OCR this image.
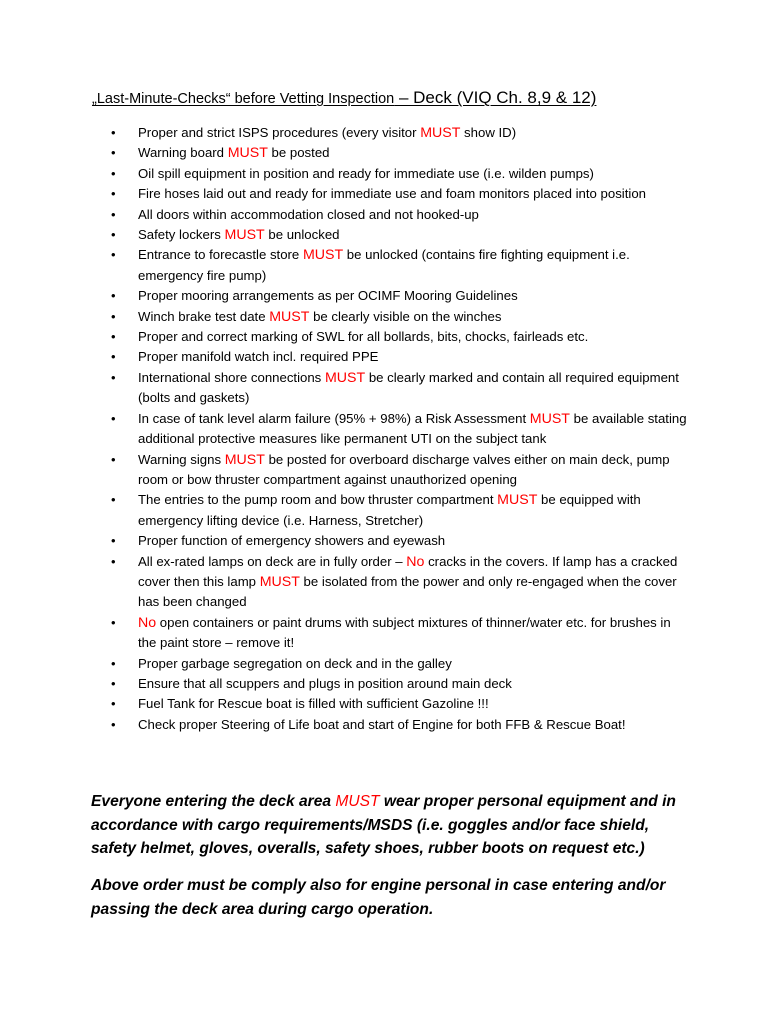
„Last-Minute-Checks“ before Vetting Inspection – Deck (VIQ Ch. 8,9 & 12)
• Proper and strict ISPS procedures (every visitor MUST show ID)
• Warning board MUST be posted
• Oil spill equipment in position and ready for immediate use (i.e. wilden pumps)
• Fire hoses laid out and ready for immediate use and foam monitors placed into position
• All doors within accommodation closed and not hooked-up
• Safety lockers MUST be unlocked
• Entrance to forecastle store MUST be unlocked (contains fire fighting equipment i.e. emergency fire pump)
• Proper mooring arrangements as per OCIMF Mooring Guidelines
• Winch brake test date MUST be clearly visible on the winches
• Proper and correct marking of SWL for all bollards, bits, chocks, fairleads etc.
• Proper manifold watch incl. required PPE
• International shore connections MUST be clearly marked and contain all required equipment (bolts and gaskets)
• In case of tank level alarm failure (95% + 98%) a Risk Assessment MUST be available stating additional protective measures like permanent UTI on the subject tank
• Warning signs MUST be posted for overboard discharge valves either on main deck, pump room or bow thruster compartment against unauthorized opening
• The entries to the pump room and bow thruster compartment MUST be equipped with emergency lifting device (i.e. Harness, Stretcher)
• Proper function of emergency showers and eyewash
• All ex-rated lamps on deck are in fully order – No cracks in the covers. If lamp has a cracked cover then this lamp MUST be isolated from the power and only re-engaged when the cover has been changed
• No open containers or paint drums with subject mixtures of thinner/water etc. for brushes in the paint store – remove it!
• Proper garbage segregation on deck and in the galley
• Ensure that all scuppers and plugs in position around main deck
• Fuel Tank for Rescue boat is filled with sufficient Gazoline !!!
• Check proper Steering of Life boat and start of Engine for both FFB & Rescue Boat!
Everyone entering the deck area MUST wear proper personal equipment and in accordance with cargo requirements/MSDS (i.e. goggles and/or face shield, safety helmet, gloves, overalls, safety shoes, rubber boots on request etc.)
Above order must be comply also for engine personal in case entering and/or passing the deck area during cargo operation.
